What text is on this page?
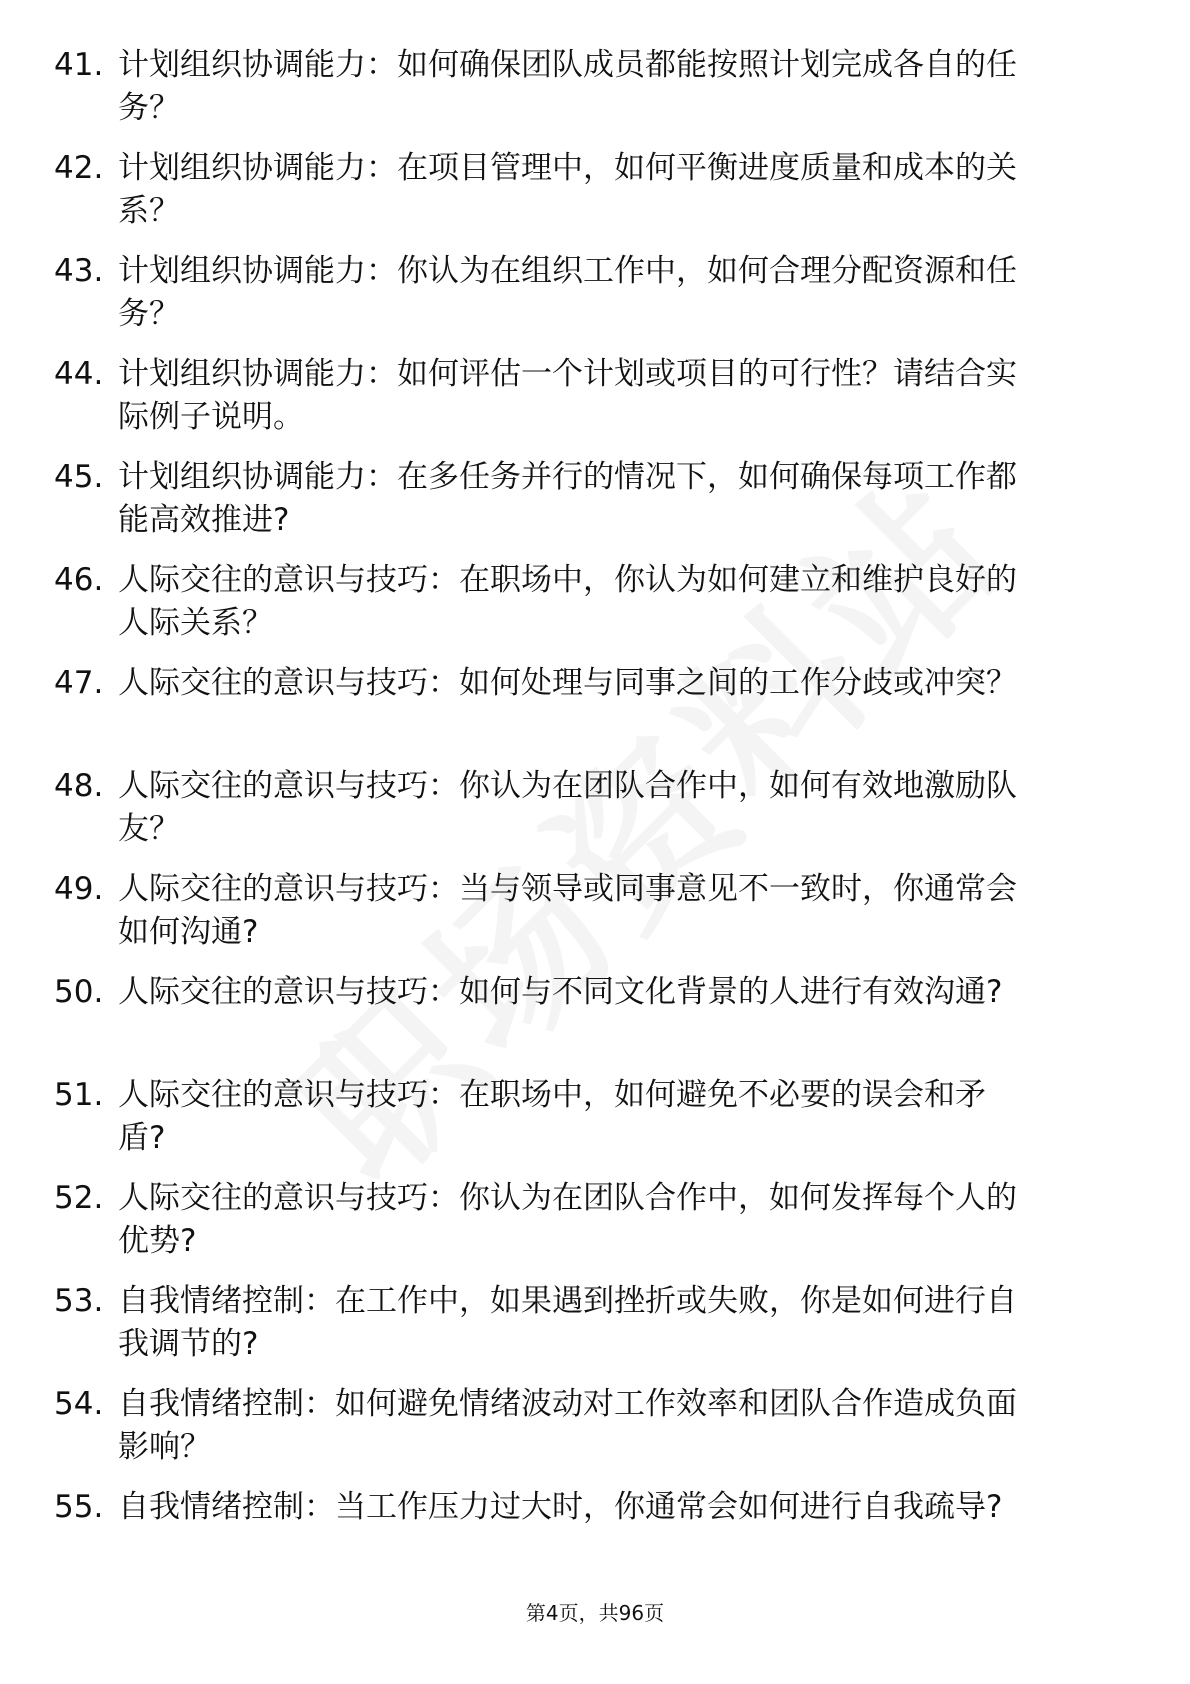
41. 计划组织协调能力：如何确保团队成员都能按照计划完成各自的任务？
42. 计划组织协调能力：在项目管理中，如何平衡进度质量和成本的关系？
43. 计划组织协调能力：你认为在组织工作中，如何合理分配资源和任务？
44. 计划组织协调能力：如何评估一个计划或项目的可行性？请结合实际例子说明。
45. 计划组织协调能力：在多任务并行的情况下，如何确保每项工作都能高效推进?
46. 人际交往的意识与技巧：在职场中，你认为如何建立和维护良好的人际关系？
47. 人际交往的意识与技巧：如何处理与同事之间的工作分歧或冲突？
48. 人际交往的意识与技巧：你认为在团队合作中，如何有效地激励队友？
49. 人际交往的意识与技巧：当与领导或同事意见不一致时，你通常会如何沟通?
50. 人际交往的意识与技巧：如何与不同文化背景的人进行有效沟通?
51. 人际交往的意识与技巧：在职场中，如何避免不必要的误会和矛盾?
52. 人际交往的意识与技巧：你认为在团队合作中，如何发挥每个人的优势?
53. 自我情绪控制：在工作中，如果遇到挫折或失败，你是如何进行自我调节的?
54. 自我情绪控制：如何避免情绪波动对工作效率和团队合作造成负面影响？
55. 自我情绪控制：当工作压力过大时，你通常会如何进行自我疏导?
第4页，共96页
